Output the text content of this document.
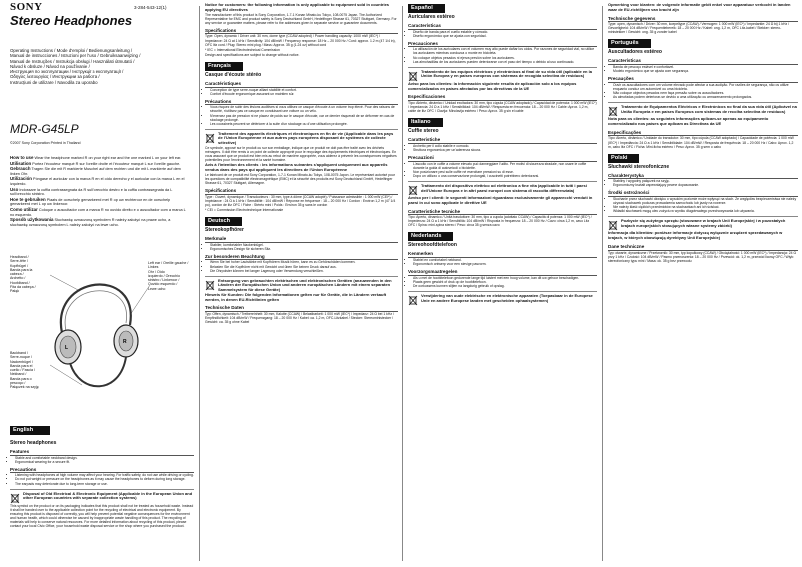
SONY	3-284-543-12(1)
Stereo Headphones
Operating Instructions / Mode d'emploi / Bedienungsanleitung /
Manual de instrucciones / Istruzioni per l'uso / Gebruiksaanwijzing /
Manual de Instruções / Instrukcja obsługi / Használati útmutató /
Návod k obsluze / Návod na používanie /
Инструкция по эксплуатации / Інструкції з експлуатації /
Οδηγίες λειτουργίας / Инструкции за работа /
Instrucțiuni de utilizare / Navodila za uporabo
MDR-G45LP
©2007 Sony Corporation Printed in Thailand

How to use Wear the headphone marked R on your right ear and the one marked L on your left ear.

Utilisation Portez l'écouteur marqué R sur l'oreille droite et l'écouteur marqué L sur l'oreille gauche.

Gebrauch Tragen Sie die mit R markierte Muschel auf dem rechten und die mit L markierte auf dem linken Ohr.

Utilización Póngase el auricular con la marca R en el oído derecho y el auricular con la marca L en el izquierdo.

Uso Indossare la cuffia contrassegnata da R sull'orecchio destro e la cuffia contrassegnata da L sull'orecchio sinistro.

Hoe te gebruiken Plaats de oorschelp gemarkeerd met R op uw rechteroor en de oorschelp gemarkeerd met L op uw linkeroor.

Como utilizar Coloque o auscultador com a marca R no ouvido direito e o auscultador com a marca L no esquerdo.

Sposób użytkowania Słuchawkę oznaczoną symbolem R należy założyć na prawe ucho, a słuchawkę oznaczoną symbolem L należy założyć na lewe ucho.

L
R
Headband /
Serre-tête /
Kopfbügel /
Banda para la
cabeza /
Archetto /
Hoofdband /
Fita da cabeça /
Pałąk
Left ear / Oreille gauche / Linkes
Ohr / Oído
izquierdo / Orecchio
sinistro / Linkeroor /
Ouvido esquerdo /
Lewe ucho
Backband /
Serre-nuque /
Nackenbügel /
Banda para el
cuello / Fascia /
Nekband /
Banda para o
pescoço /
Pałączek na szyję
English
Stereo headphones
Features
• Stable and comfortable neckband design.
• Ergonomical wearing for a secure fit.
Precautions
• Listening with headphones at high volume may affect your hearing. For traffic safety, do not use while driving or cycling.
• Do not put weight or pressure on the headphones as it may cause the headphones to deform during long storage.
• The earpads may deteriorate due to long-term storage or use.
Disposal of Old Electrical & Electronic Equipment (Applicable in the European Union and other European countries with separate collection systems)

This symbol on the product or on its packaging indicates that this product shall not be treated as household waste. Instead it shall be handed over to the applicable collection point for the recycling of electrical and electronic equipment. By ensuring this product is disposed of correctly, you will help prevent potential negative consequences for the environment and human health, which could otherwise be caused by inappropriate waste handling of this product. The recycling of materials will help to conserve natural resources. For more detailed information about recycling of this product, please contact your local Civic Office, your household waste disposal service or the shop where you purchased the product.

Notice for customers: the following information is only applicable to equipment sold in countries applying EU directives

The manufacturer of this product is Sony Corporation, 1-7-1 Konan Minato-ku Tokyo, 108-0075 Japan. The Authorized Representative for EMC and product safety is Sony Deutschland GmbH, Hedelfinger Strasse 61, 70327 Stuttgart, Germany. For any service or guarantee matters, please refer to the addresses given in separate service or guarantee documents.

Specifications

Type: Open, dynamic / Driver unit: 30 mm, dome type (CCAW adopted) / Power handling capacity: 1000 mW (IEC*) / Impedance: 24 Ω at 1 kHz / Sensitivity: 104 dB/mW / Frequency response: 18 Hz – 20 000 Hz / Cord: approx. 1.2 m (47 1/4 in), OFC litz cord / Plug: Stereo mini plug / Mass: Approx. 35 g (1.24 oz) without cord

* IEC = International Electrotechnical Commission

Design and specifications are subject to change without notice.

Français
Casque d'écoute stéréo
Caractéristiques
• Conception de type serre-nuque alliant stabilité et confort.
• Confort d'écoute ergonomique assurant un maintien sûr.
Précautions
• Vous risquez de subir des lésions auditives si vous utilisez ce casque d'écoute à un volume trop élevé. Pour des raisons de sécurité, n'utilisez pas ce casque en conduisant une voiture ou un vélo.
• N'exercez pas de pression ni ne placez de poids sur le casque d'écoute, car ce dernier risquerait de se déformer en cas de stockage prolongé.
• Les coussinets peuvent se détériorer à la suite d'un stockage ou d'une utilisation prolongée.
Traitement des appareils électriques et électroniques en fin de vie (Applicable dans les pays de l'Union Européenne et aux autres pays européens disposant de systèmes de collecte sélective)

Ce symbole, apposé sur le produit ou sur son emballage, indique que ce produit ne doit pas être traité avec les déchets ménagers. Il doit être remis à un point de collecte approprié pour le recyclage des équipements électriques et électroniques. En vous assurant que ce produit est bien mis au rebut de manière appropriée, vous aiderez à prévenir les conséquences négatives potentielles pour l'environnement et la santé humaine.

Avis à l'intention des clients : les informations suivantes s'appliquent uniquement aux appareils vendus dans des pays qui appliquent les directives de l'Union Européenne

Le fabricant de ce produit est Sony Corporation, 1-7-1 Konan Minato-ku Tokyo, 108-0075 Japon. Le représentant autorisé pour les questions de compatibilité électromagnétique (EMC) et la sécurité des produits est Sony Deutschland GmbH, Hedelfinger Strasse 61, 70327 Stuttgart, Allemagne.

Spécifications

Type : Ouvert, dynamique / Transducteurs : 30 mm, type à dôme (CCAW adopté) / Puissance admissible : 1 000 mW (CEI*) / Impédance : 24 Ω à 1 kHz / Sensibilité : 104 dB/mW / Réponse en fréquence : 18 – 20 000 Hz / Cordon : Environ 1,2 m (47 1/4 po), cordon de litz OFC / Fiche : Stéréo mini / Poids : Environ 35 g sans le cordon

* CEI = Commission Electrotechnique Internationale

Deutsch
Stereokopfhörer
Merkmale
• Stabiler, komfortabler Nackenbügel.
• Ergonomisches Design für sicheren Sitz.
Zur besonderen Beachtung
• Wenn Sie bei hoher Lautstärke mit Kopfhörern Musik hören, kann es zu Gehörschäden kommen.
• Belasten Sie die Kopfhörer nicht mit Gewicht und üben Sie keinen Druck darauf aus.
• Die Ohrpolster können bei langer Lagerung oder Verwendung verschleißen.
Entsorgung von gebrauchten elektrischen und elektronischen Geräten (anzuwenden in den Ländern der Europäischen Union und anderen europäischen Ländern mit einem separaten Sammelsystem für diese Geräte)
Hinweis für Kunden: Die folgenden Informationen gelten nur für Geräte, die in Ländern verkauft werden, in denen EU-Richtlinien gelten
Technische Daten

Typ: Offen, dynamisch / Treibereinheit: 30 mm, Kalotte (CCAW) / Belastbarkeit: 1 000 mW (IEC*) / Impedanz: 24 Ω bei 1 kHz / Empfindlichkeit: 104 dB/mW / Frequenzgang: 18 – 20 000 Hz / Kabel: ca. 1,2 m, OFC-Litzkabel / Stecker: Stereoministecker / Gewicht: ca. 35 g ohne Kabel

Español
Auriculares estéreo
Características
• Diseño de banda para el cuello estable y cómodo.
• Diseño ergonómico que se ajusta con seguridad.
Precauciones
• La utilización de los auriculares con el volumen muy alto puede dañar los oídos. Por razones de seguridad vial, no utilice los auriculares mientras conduzca o monte en bicicleta.
• No coloque objetos pesados ni ejerza presión sobre los auriculares.
• Las almohadillas de los auriculares pueden deteriorarse con el paso del tiempo o debido al uso continuado.
Tratamiento de los equipos eléctricos y electrónicos al final de su vida útil (aplicable en la Unión Europea y en países europeos con sistemas de recogida selectiva de residuos)
Aviso para los clientes: la información siguiente resulta de aplicación solo a los equipos comercializados en países afectados por las directivas de la UE
Especificaciones

Tipo: Abierto, dinámico / Unidad excitadora: 30 mm, tipo cúpula (CCAW adoptado) / Capacidad de potencia: 1 000 mW (IEC*) / Impedancia: 24 Ω a 1 kHz / Sensibilidad: 104 dB/mW / Respuesta en frecuencia: 18 – 20 000 Hz / Cable: Aprox. 1,2 m, cable de litz OFC / Clavija: Minclavija estéreo / Peso: Aprox. 35 g sin el cable

Italiano
Cuffie stereo
Caratteristiche
• Archetto per il collo stabile e comodo.
• Struttura ergonomica per un'aderenza sicura.
Precauzioni
• L'ascolto con le cuffie a volume elevato può danneggiare l'udito. Per motivi di sicurezza stradale, non usare le cuffie durante la guida di autoveicoli o biciclette.
• Non posizionare pesi sulle cuffie né esercitare pressioni su di esse.
• Dopo un utilizzo o una conservazione prolungati, i cuscinetti potrebbero deteriorarsi.
Trattamento del dispositivo elettrico od elettronico a fine vita (applicabile in tutti i paesi dell'Unione Europea e in altri paesi europei con sistema di raccolta differenziata)
Avviso per i clienti: le seguenti informazioni riguardano esclusivamente gli apparecchi venduti in paesi in cui sono applicate le direttive UE
Caratteristiche tecniche

Tipo: Aperto, dinamico / Unità trasduttore: 30 mm, tipo a cupola (adottato CCAW) / Capacità di potenza: 1 000 mW (IEC*) / Impedenza: 24 Ω a 1 kHz / Sensibilità: 104 dB/mW / Risposta in frequenza: 18 – 20 000 Hz / Cavo: circa 1,2 m, cavo Litz OFC / Spina: mini-spina stereo / Peso: circa 35 g senza cavo

Nederlands
Stereohoofdtelefoon
Kenmerken
• Stabiel en comfortabel nekband.
• Ergonomisch ontwerp voor een stevige pasvorm.
Voorzorgsmaatregelen
• Als u met de hoofdtelefoon gedurende lange tijd luistert met een hoog volume, kan dit uw gehoor beschadigen.
• Plaats geen gewicht of druk op de hoofdtelefoon.
• De oorkussens kunnen slijten na langdurig gebruik of opslag.
Verwijdering van oude elektrische en elektronische apparaten (Toepasbaar in de Europese Unie en andere Europese landen met gescheiden ophaalsystemen)
Opmerking voor klanten: de volgende informatie geldt enkel voor apparatuur verkocht in landen waar de EU-richtlijnen van kracht zijn
Technische gegevens

Type: open, dynamisch / Driver: 30 mm, koepeltype (CCAW) / Vermogen: 1 000 mW (IEC*) / Impedantie: 24 Ω bij 1 kHz / Gevoeligheid: 104 dB/mW / Frequentiebereik: 18 – 20 000 Hz / Kabel: ong. 1,2 m, OFC Litz-kabel / Stekker: stereo-ministekker / Gewicht: ong. 35 g zonder kabel

Português
Auscultadores estéreo
Características
• Banda de pescoço estável e confortável.
• Modelo ergonómico que se ajusta com segurança.
Precauções
• Ouvir os auscultadores com um volume elevado pode afectar a sua audição. Por razões de segurança, não os utilize enquanto conduz um automóvel ou uma bicicleta.
• Não coloque objectos pesados nem faça pressão sobre os auscultadores.
• As almofadas podem deteriorar-se devido a uma utilização ou armazenamento prolongados.
Tratamento de Equipamentos Eléctricos e Electrónicos no final da sua vida útil (Aplicável na União Europeia e em países Europeus com sistemas de recolha selectiva de resíduos)
Nota para os clientes: as seguintes informações aplicam-se apenas ao equipamento comercializado nos países que aplicam as Directivas da UE
Especificações

Tipo: Aberto, dinâmico / Unidade do transdutor: 30 mm, tipo cúpula (CCAW adoptado) / Capacidade de potência: 1 000 mW (IEC*) / Impedância: 24 Ω a 1 kHz / Sensibilidade: 104 dB/mW / Resposta de frequência: 18 – 20 000 Hz / Cabo: Aprox. 1,2 m, cabo litz OFC / Ficha: Mini-ficha estéreo / Peso: Aprox. 35 g sem o cabo

Polski
Słuchawki stereofoniczne
Charakterystyka
• Stabilny i wygodny pałączek na szyję.
• Ergonomiczny kształt zapewniający pewne dopasowanie.
Środki ostrożności
• Słuchanie przez słuchawki dźwięku o wysokim poziomie może wpłynąć na słuch. Ze względów bezpieczeństwa nie należy używać słuchawek podczas prowadzenia samochodu lub jazdy na rowerze.
• Nie należy kłaść ciężkich przedmiotów na słuchawkach ani ich ściskać.
• Wkładki słuchawek mogą ulec zużyciu w wyniku długotrwałego przechowywania lub używania.
Pozbycie się zużytego sprzętu (stosowane w krajach Unii Europejskiej i w pozostałych krajach europejskich stosujących własne systemy zbiórki)
Informacja dla klientów: poniższe informacje dotyczą wyłącznie urządzeń sprzedawanych w krajach, w których obowiązują dyrektywy Unii Europejskiej
Dane techniczne

Typ: otwarte, dynamiczne / Przetwornik: 30 mm, typ kopułkowy (CCAW) / Obciążalność: 1 000 mW (IEC*) / Impedancja: 24 Ω przy 1 kHz / Czułość: 104 dB/mW / Pasmo przenoszenia: 18 – 20 000 Hz / Przewód: ok. 1,2 m, przewód licowy OFC / Wtyk: stereofoniczny typu mini / Masa: ok. 35 g bez przewodu
